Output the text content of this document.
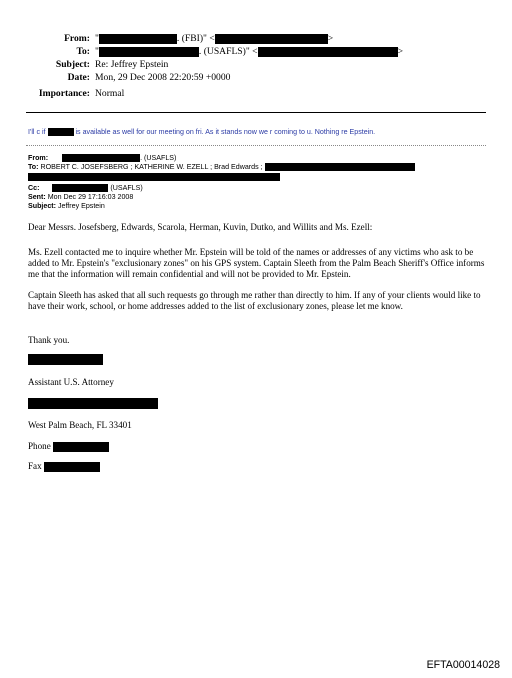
From: "	. (FBI)" <	>
To: "	. (USAFLS)" <	>
Subject: Re: Jeffrey Epstein
Date: Mon, 29 Dec 2008 22:20:59 +0000
Importance: Normal
I'll c if	is available as well for our meeting on fri. As it stands now we r coming to u. Nothing re Epstein.
From:	. (USAFLS)
To: ROBERT C. JOSEFSBERG ; KATHERINE W. EZELL ; Brad Edwards ;
Cc:	(USAFLS)
Sent: Mon Dec 29 17:16:03 2008
Subject: Jeffrey Epstein
Dear Messrs. Josefsberg, Edwards, Scarola, Herman, Kuvin, Dutko, and Willits and Ms. Ezell:
Ms. Ezell contacted me to inquire whether Mr. Epstein will be told of the names or addresses of any victims who ask to be added to Mr. Epstein's "exclusionary zones" on his GPS system. Captain Sleeth from the Palm Beach Sheriff's Office informs me that the information will remain confidential and will not be provided to Mr. Epstein.
Captain Sleeth has asked that all such requests go through me rather than directly to him. If any of your clients would like to have their work, school, or home addresses added to the list of exclusionary zones, please let me know.
Thank you.
Assistant U.S. Attorney
West Palm Beach, FL 33401
Phone
Fax
EFTA00014028
